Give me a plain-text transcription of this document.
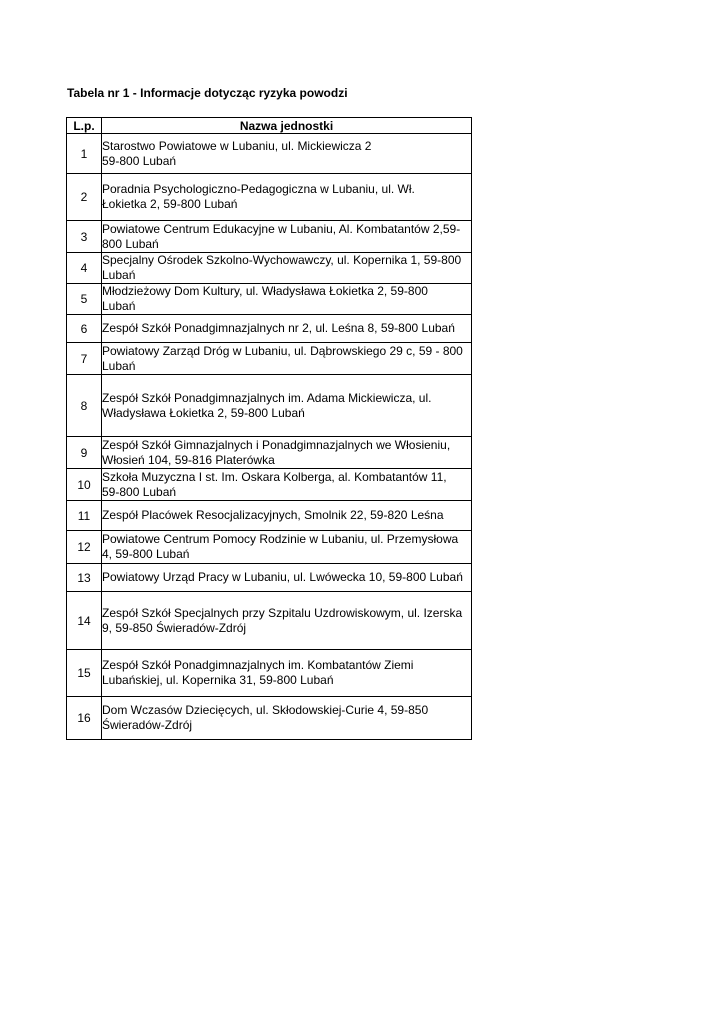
Tabela nr 1 - Informacje dotycząc ryzyka powodzi
L.p.	Nazwa jednostki
1	Starostwo Powiatowe w Lubaniu, ul. Mickiewicza 2
59-800 Lubań

2	Poradnia Psychologiczno-Pedagogiczna w Lubaniu, ul. Wł.
Łokietka 2, 59-800 Lubań

3	Powiatowe Centrum Edukacyjne w Lubaniu, Al. Kombatantów 2,59-
800 Lubań

4	Specjalny Ośrodek Szkolno-Wychowawczy, ul. Kopernika 1, 59-800
Lubań

5	Młodzieżowy Dom Kultury, ul. Władysława Łokietka 2, 59-800
Lubań

6	Zespół Szkół Ponadgimnazjalnych nr 2, ul. Leśna 8, 59-800 Lubań

7	Powiatowy Zarząd Dróg w Lubaniu, ul. Dąbrowskiego 29 c, 59 - 800
Lubań

8	Zespół Szkół Ponadgimnazjalnych im. Adama Mickiewicza, ul.
Władysława Łokietka 2, 59-800 Lubań

9	Zespół Szkół Gimnazjalnych i Ponadgimnazjalnych we Włosieniu,
Włosień 104, 59-816 Platerówka

10	Szkoła Muzyczna I st. Im. Oskara Kolberga, al. Kombatantów 11,
59-800 Lubań

11	Zespół Placówek Resocjalizacyjnych, Smolnik 22, 59-820 Leśna

12	Powiatowe Centrum Pomocy Rodzinie w Lubaniu, ul. Przemysłowa
4, 59-800 Lubań

13	Powiatowy Urząd Pracy w Lubaniu, ul. Lwówecka 10, 59-800 Lubań

14	Zespół Szkół Specjalnych przy Szpitalu Uzdrowiskowym, ul. Izerska
9, 59-850 Świeradów-Zdrój

15	Zespół Szkół Ponadgimnazjalnych im. Kombatantów Ziemi
Lubańskiej, ul. Kopernika 31, 59-800 Lubań

16	Dom Wczasów Dziecięcych, ul. Skłodowskiej-Curie 4, 59-850
Świeradów-Zdrój
